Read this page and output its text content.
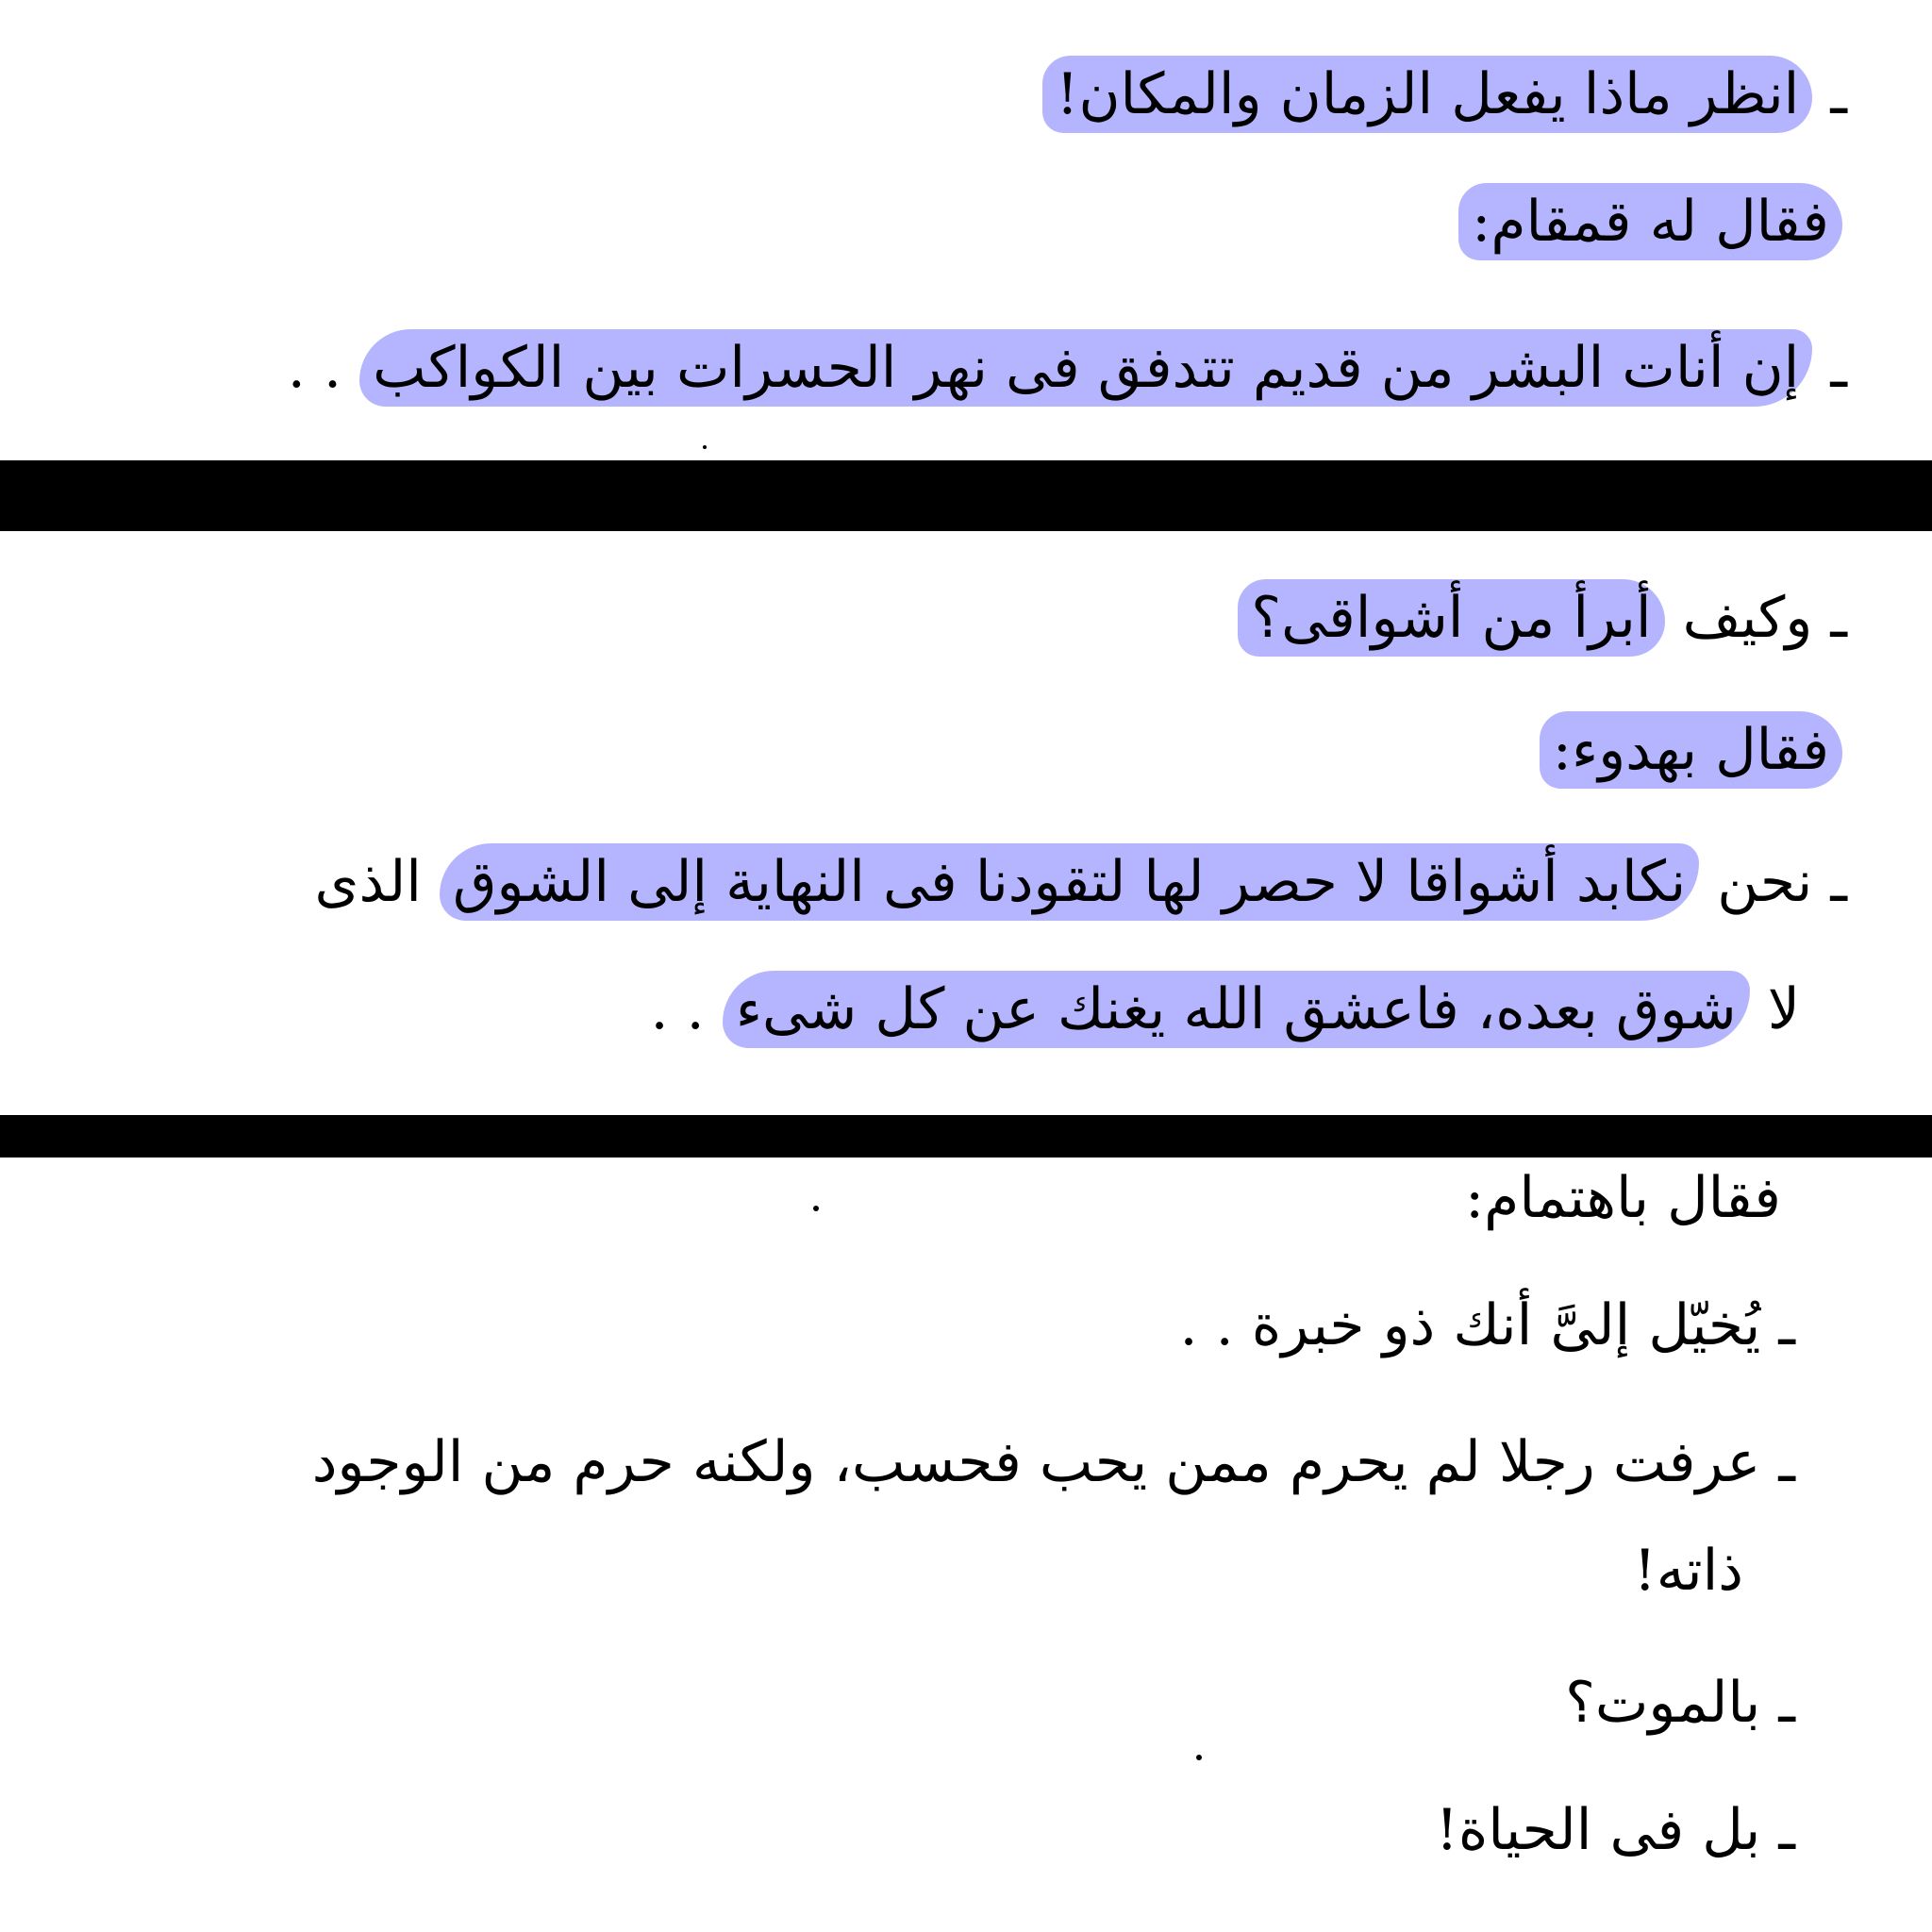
ـ انظر ماذا يفعل الزمان والمكان!
فقال له قمقام:
ـ إن أنات البشر من قديم تتدفق فى نهر الحسرات بين الكواكب . .
ـ وكيف أبرأ من أشواقى؟
فقال بهدوء:
ـ نحن نكابد أشواقا لا حصر لها لتقودنا فى النهاية إلى الشوق الذى
لا شوق بعده، فاعشق الله يغنك عن كل شىء . .
فقال باهتمام:
ـ يُخيّل إلىَّ أنك ذو خبرة . .
ـ عرفت رجلا لم يحرم ممن يحب فحسب، ولكنه حرم من الوجود
ذاته!
ـ بالموت؟
ـ بل فى الحياة!
